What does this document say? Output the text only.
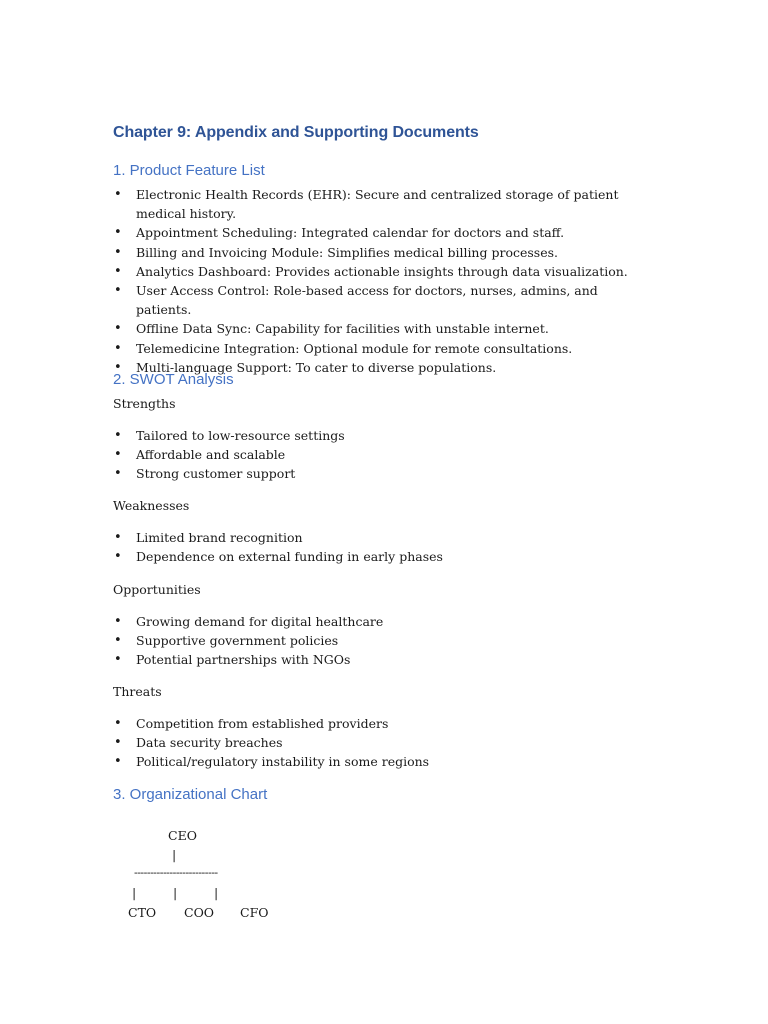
Chapter 9: Appendix and Supporting Documents
1. Product Feature List
• Electronic Health Records (EHR): Secure and centralized storage of patient medical history.
• Appointment Scheduling: Integrated calendar for doctors and staff.
• Billing and Invoicing Module: Simplifies medical billing processes.
• Analytics Dashboard: Provides actionable insights through data visualization.
• User Access Control: Role-based access for doctors, nurses, admins, and patients.
• Offline Data Sync: Capability for facilities with unstable internet.
• Telemedicine Integration: Optional module for remote consultations.
• Multi-language Support: To cater to diverse populations.
2. SWOT Analysis

Strengths

• Tailored to low-resource settings
• Affordable and scalable
• Strong customer support

Weaknesses

• Limited brand recognition
• Dependence on external funding in early phases

Opportunities

• Growing demand for digital healthcare
• Supportive government policies
• Potential partnerships with NGOs

Threats

• Competition from established providers
• Data security breaches
• Political/regulatory instability in some regions
3. Organizational Chart
CEO
|
--------------------------
|	|	|
CTO COO CFO
